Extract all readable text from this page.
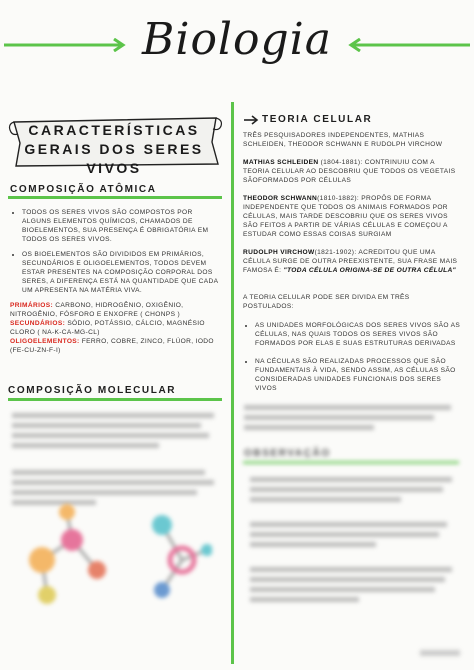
Biologia
CARACTERÍSTICAS
GERAIS DOS SERES VIVOS
COMPOSIÇÃO ATÔMICA
• TODOS OS SERES VIVOS SÃO COMPOSTOS POR ALGUNS ELEMENTOS QUÍMICOS, CHAMADOS DE BIOELEMENTOS, SUA PRESENÇA É OBRIGATÓRIA EM TODOS OS SERES VIVOS.
• OS BIOELEMENTOS SÃO DIVIDIDOS EM PRIMÁRIOS, SECUNDÁRIOS E OLIGOELEMENTOS, TODOS DEVEM ESTAR PRESENTES NA COMPOSIÇÃO CORPORAL DOS SERES, A DIFERENÇA ESTÁ NA QUANTIDADE QUE CADA UM APRESENTA NA MATÉRIA VIVA.
PRIMÁRIOS: CARBONO, HIDROGÊNIO, OXIGÊNIO, NITROGÊNIO, FÓSFORO E ENXOFRE ( CHONPS )
SECUNDÁRIOS: SÓDIO, POTÁSSIO, CÁLCIO, MAGNÉSIO CLORO ( NA-K-CA-MG-CL)
OLIGOELEMENTOS: FERRO, COBRE, ZINCO, FLÚOR, IODO (FE-CU-ZN-F-I)
COMPOSIÇÃO MOLECULAR
TEORIA CELULAR
TRÊS PESQUISADORES INDEPENDENTES, MATHIAS SCHLEIDEN, THEODOR SCHWANN E RUDOLPH VIRCHOW
MATHIAS SCHLEIDEN (1804-1881): CONTRINUIU COM A TEORIA CELULAR AO DESCOBRIU QUE TODOS OS VEGETAIS SÃOFORMADOS POR CÉLULAS
THEODOR SCHWANN(1810-1882): PROPÔS DE FORMA INDEPENDENTE QUE TODOS OS ANIMAIS FORMADOS POR CÉLULAS, MAIS TARDE DESCOBRIU QUE OS SERES VIVOS SÃO FEITOS A PARTIR DE VÁRIAS CÉLULAS E COMEÇOU A ESTUDAR COMO ESSAS COISAS SURGIAM
RUDOLPH VIRCHOW(1821-1902): ACREDITOU QUE UMA CÉLULA SURGE DE OUTRA PREEXISTENTE, SUA FRASE MAIS FAMOSA É: "TODA CÉLULA ORIGINA-SE DE OUTRA CÉLULA"
A TEORIA CELULAR PODE SER DIVIDA EM TRÊS POSTULADOS:
• AS UNIDADES MORFOLÓGICAS DOS SERES VIVOS SÃO AS CÉLULAS, NAS QUAIS TODOS OS SERES VIVOS SÃO FORMADOS POR ELAS E SUAS ESTRUTURAS DERIVADAS
• NA CÉCULAS SÃO REALIZADAS PROCESSOS QUE SÃO FUNDAMENTAIS À VIDA, SENDO ASSIM, AS CÉLULAS SÃO CONSIDERADAS UNIDADES FUNCIONAIS DOS SERES VIVOS
OBSERVAÇÃO
